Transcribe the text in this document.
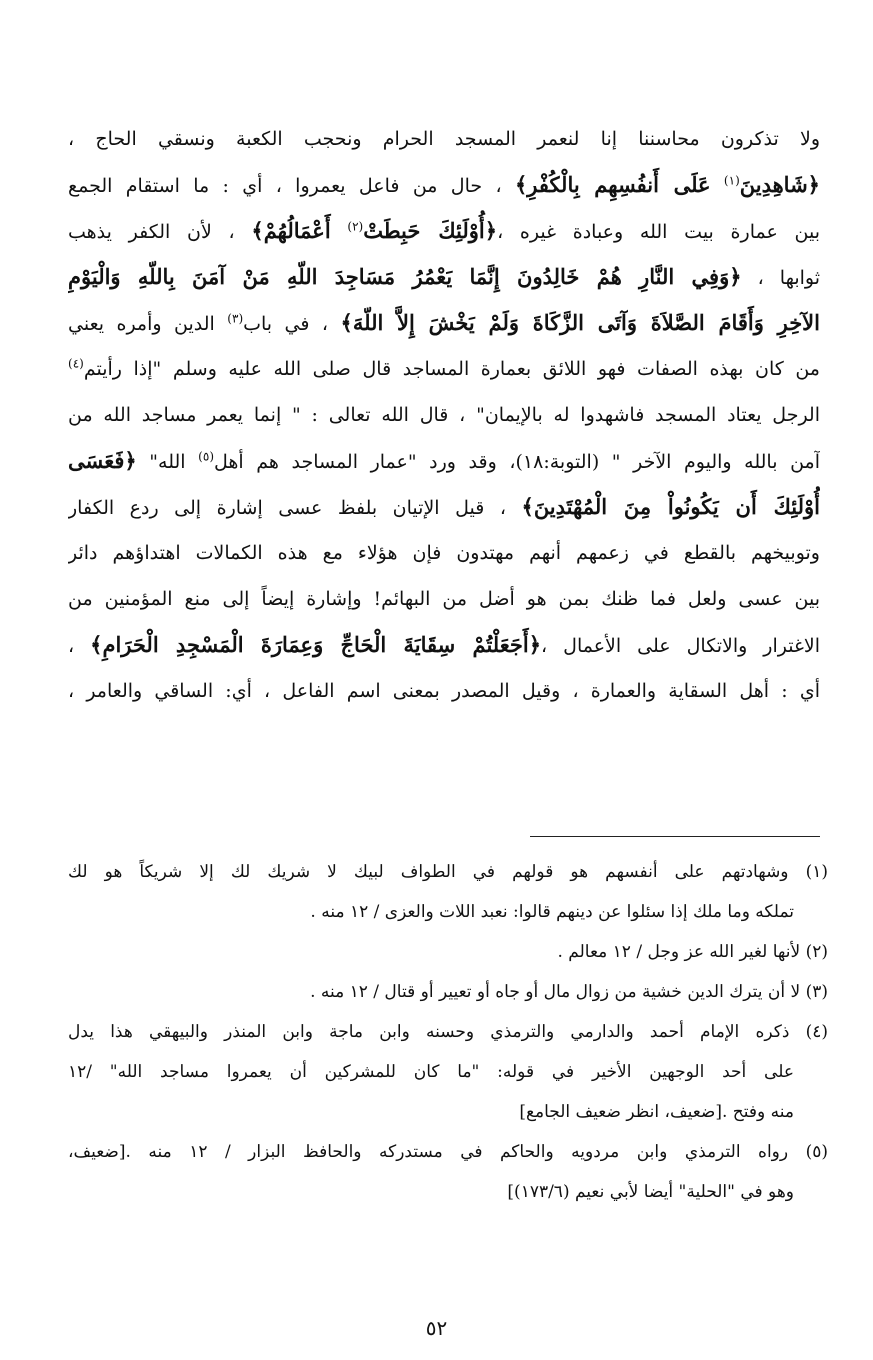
ولا تذكرون محاسننا إنا لنعمر المسجد الحرام ونحجب الكعبة ونسقي الحاج ،
﴿شَاهِدِينَ$^{(١)}$ عَلَى أَنفُسِهِم بِالْكُفْرِ﴾ ، حال من فاعل يعمروا ، أي : ما استقام الجمع
بين عمارة بيت الله وعبادة غيره ،﴿أُوْلَئِكَ حَبِطَتْ$^{(٢)}$ أَعْمَالُهُمْ﴾ ، لأن الكفر يذهب
ثوابها ، ﴿وَفِي النَّارِ هُمْ خَالِدُونَ إِنَّمَا يَعْمُرُ مَسَاجِدَ اللّهِ مَنْ آمَنَ بِاللّهِ وَالْيَوْمِ
الآخِرِ وَأَقَامَ الصَّلاَةَ وَآتَى الزَّكَاةَ وَلَمْ يَخْشَ إِلاَّ اللّهَ﴾ ، في باب$^{(٣)}$ الدين وأمره يعني
من كان بهذه الصفات فهو اللائق بعمارة المساجد قال صلى الله عليه وسلم "إذا رأيتم$^{(٤)}$
الرجل يعتاد المسجد فاشهدوا له بالإيمان" ، قال الله تعالى : " إنما يعمر مساجد الله من
آمن بالله واليوم الآخر " (التوبة:١٨)، وقد ورد "عمار المساجد هم أهل$^{(٥)}$ الله" ﴿فَعَسَى
أُوْلَئِكَ أَن يَكُونُواْ مِنَ الْمُهْتَدِينَ﴾ ، قيل الإتيان بلفظ عسى إشارة إلى ردع الكفار
وتوبيخهم بالقطع في زعمهم أنهم مهتدون فإن هؤلاء مع هذه الكمالات اهتداؤهم دائر
بين عسى ولعل فما ظنك بمن هو أضل من البهائم! وإشارة إيضاً إلى منع المؤمنين من
الاغترار والاتكال على الأعمال ،﴿أَجَعَلْتُمْ سِقَايَةَ الْحَاجِّ وَعِمَارَةَ الْمَسْجِدِ الْحَرَامِ﴾ ،
أي : أهل السقاية والعمارة ، وقيل المصدر بمعنى اسم الفاعل ، أي: الساقي والعامر ،
(١) وشهادتهم على أنفسهم هو قولهم في الطواف لبيك لا شريك لك إلا شريكاً هو لك
تملكه وما ملك إذا سئلوا عن دينهم قالوا: نعبد اللات والعزى / ١٢ منه .
(٢) لأنها لغير الله عز وجل / ١٢ معالم .
(٣) لا أن يترك الدين خشية من زوال مال أو جاه أو تعيير أو قتال / ١٢ منه .
(٤) ذكره الإمام أحمد والدارمي والترمذي وحسنه وابن ماجة وابن المنذر والبيهقي هذا يدل
على أحد الوجهين الأخير في قوله: "ما كان للمشركين أن يعمروا مساجد الله" /١٢
منه وفتح .[ضعيف، انظر ضعيف الجامع]
(٥) رواه الترمذي وابن مردويه والحاكم في مستدركه والحافظ البزار / ١٢ منه .[ضعيف،
وهو في "الحلية" أيضا لأبي نعيم (١٧٣/٦)]
٥٢
